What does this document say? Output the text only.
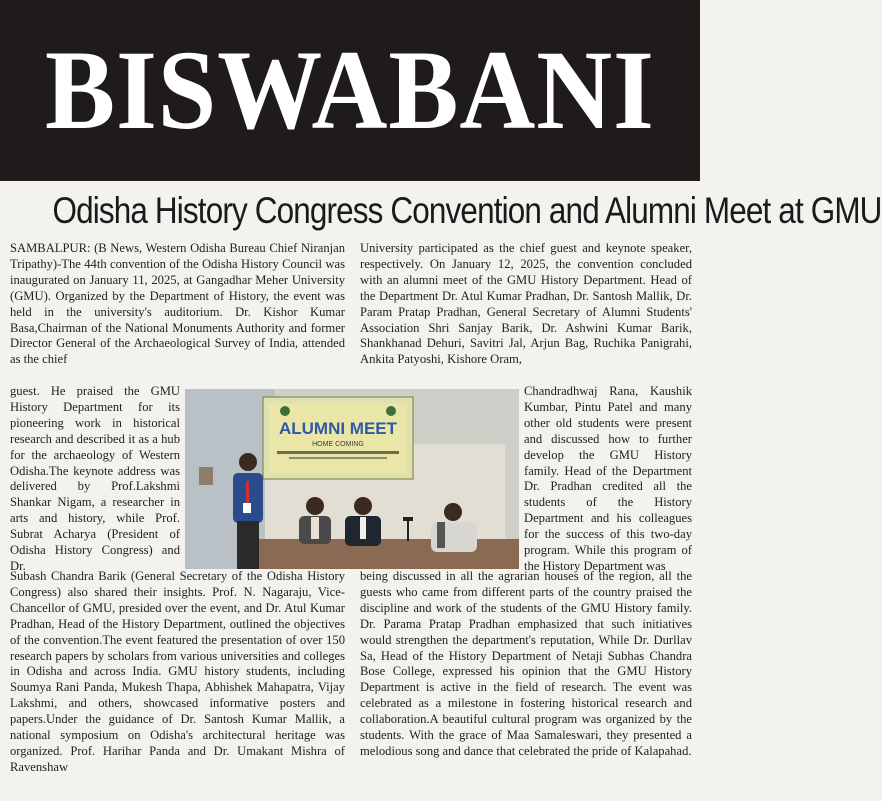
BISWABANI
Odisha History Congress Convention and Alumni Meet at GMU

SAMBALPUR: (B News, Western Odisha Bureau Chief Niranjan Tripathy)-The 44th convention of the Odisha History Council was inaugurated on January 11, 2025, at Gangadhar Meher University (GMU). Organized by the Department of History, the event was held in the university's auditorium. Dr. Kishor Kumar Basa,Chairman of the National Monuments Authority and former Director General of the Archaeological Survey of India, attended as the chief

guest. He praised the GMU History Department for its pioneering work in historical research and described it as a hub for the archaeology of Western Odisha.The keynote address was delivered by Prof.Lakshmi Shankar Nigam, a researcher in arts and history, while Prof. Subrat Acharya (President of Odisha History Congress) and Dr.

Subash Chandra Barik (General Secretary of the Odisha History Congress) also shared their insights. Prof. N. Nagaraju, Vice-Chancellor of GMU, presided over the event, and Dr. Atul Kumar Pradhan, Head of the History Department, outlined the objectives of the convention.The event featured the presentation of over 150 research papers by scholars from various universities and colleges in Odisha and across India. GMU history students, including Soumya Rani Panda, Mukesh Thapa, Abhishek Mahapatra, Vijay Lakshmi, and others, showcased informative posters and papers.Under the guidance of Dr. Santosh Kumar Mallik, a national symposium on Odisha's architectural heritage was organized. Prof. Harihar Panda and Dr. Umakant Mishra of Ravenshaw

University participated as the chief guest and keynote speaker, respectively. On January 12, 2025, the convention concluded with an alumni meet of the GMU History Department. Head of the Department Dr. Atul Kumar Pradhan, Dr. Santosh Mallik, Dr. Param Pratap Pradhan, General Secretary of Alumni Students' Association Shri Sanjay Barik, Dr. Ashwini Kumar Barik, Shankhanad Dehuri, Savitri Jal, Arjun Bag, Ruchika Panigrahi, Ankita Patyoshi, Kishore Oram,

Chandradhwaj Rana, Kaushik Kumbar, Pintu Patel and many other old students were present and discussed how to further develop the GMU History family. Head of the Department Dr. Pradhan credited all the students of the History Department and his colleagues for the success of this two-day program. While this program of the History Department was

being discussed in all the agrarian houses of the region, all the guests who came from different parts of the country praised the discipline and work of the students of the GMU History family. Dr. Parama Pratap Pradhan emphasized that such initiatives would strengthen the department's reputation, While Dr. Durllav Sa, Head of the History Department of Netaji Subhas Chandra Bose College, expressed his opinion that the GMU History Department is active in the field of research. The event was celebrated as a milestone in fostering historical research and collaboration.A beautiful cultural program was organized by the students. With the grace of Maa Samaleswari, they presented a melodious song and dance that celebrated the pride of Kalapahad.

ALUMNI MEET
HOME COMING
